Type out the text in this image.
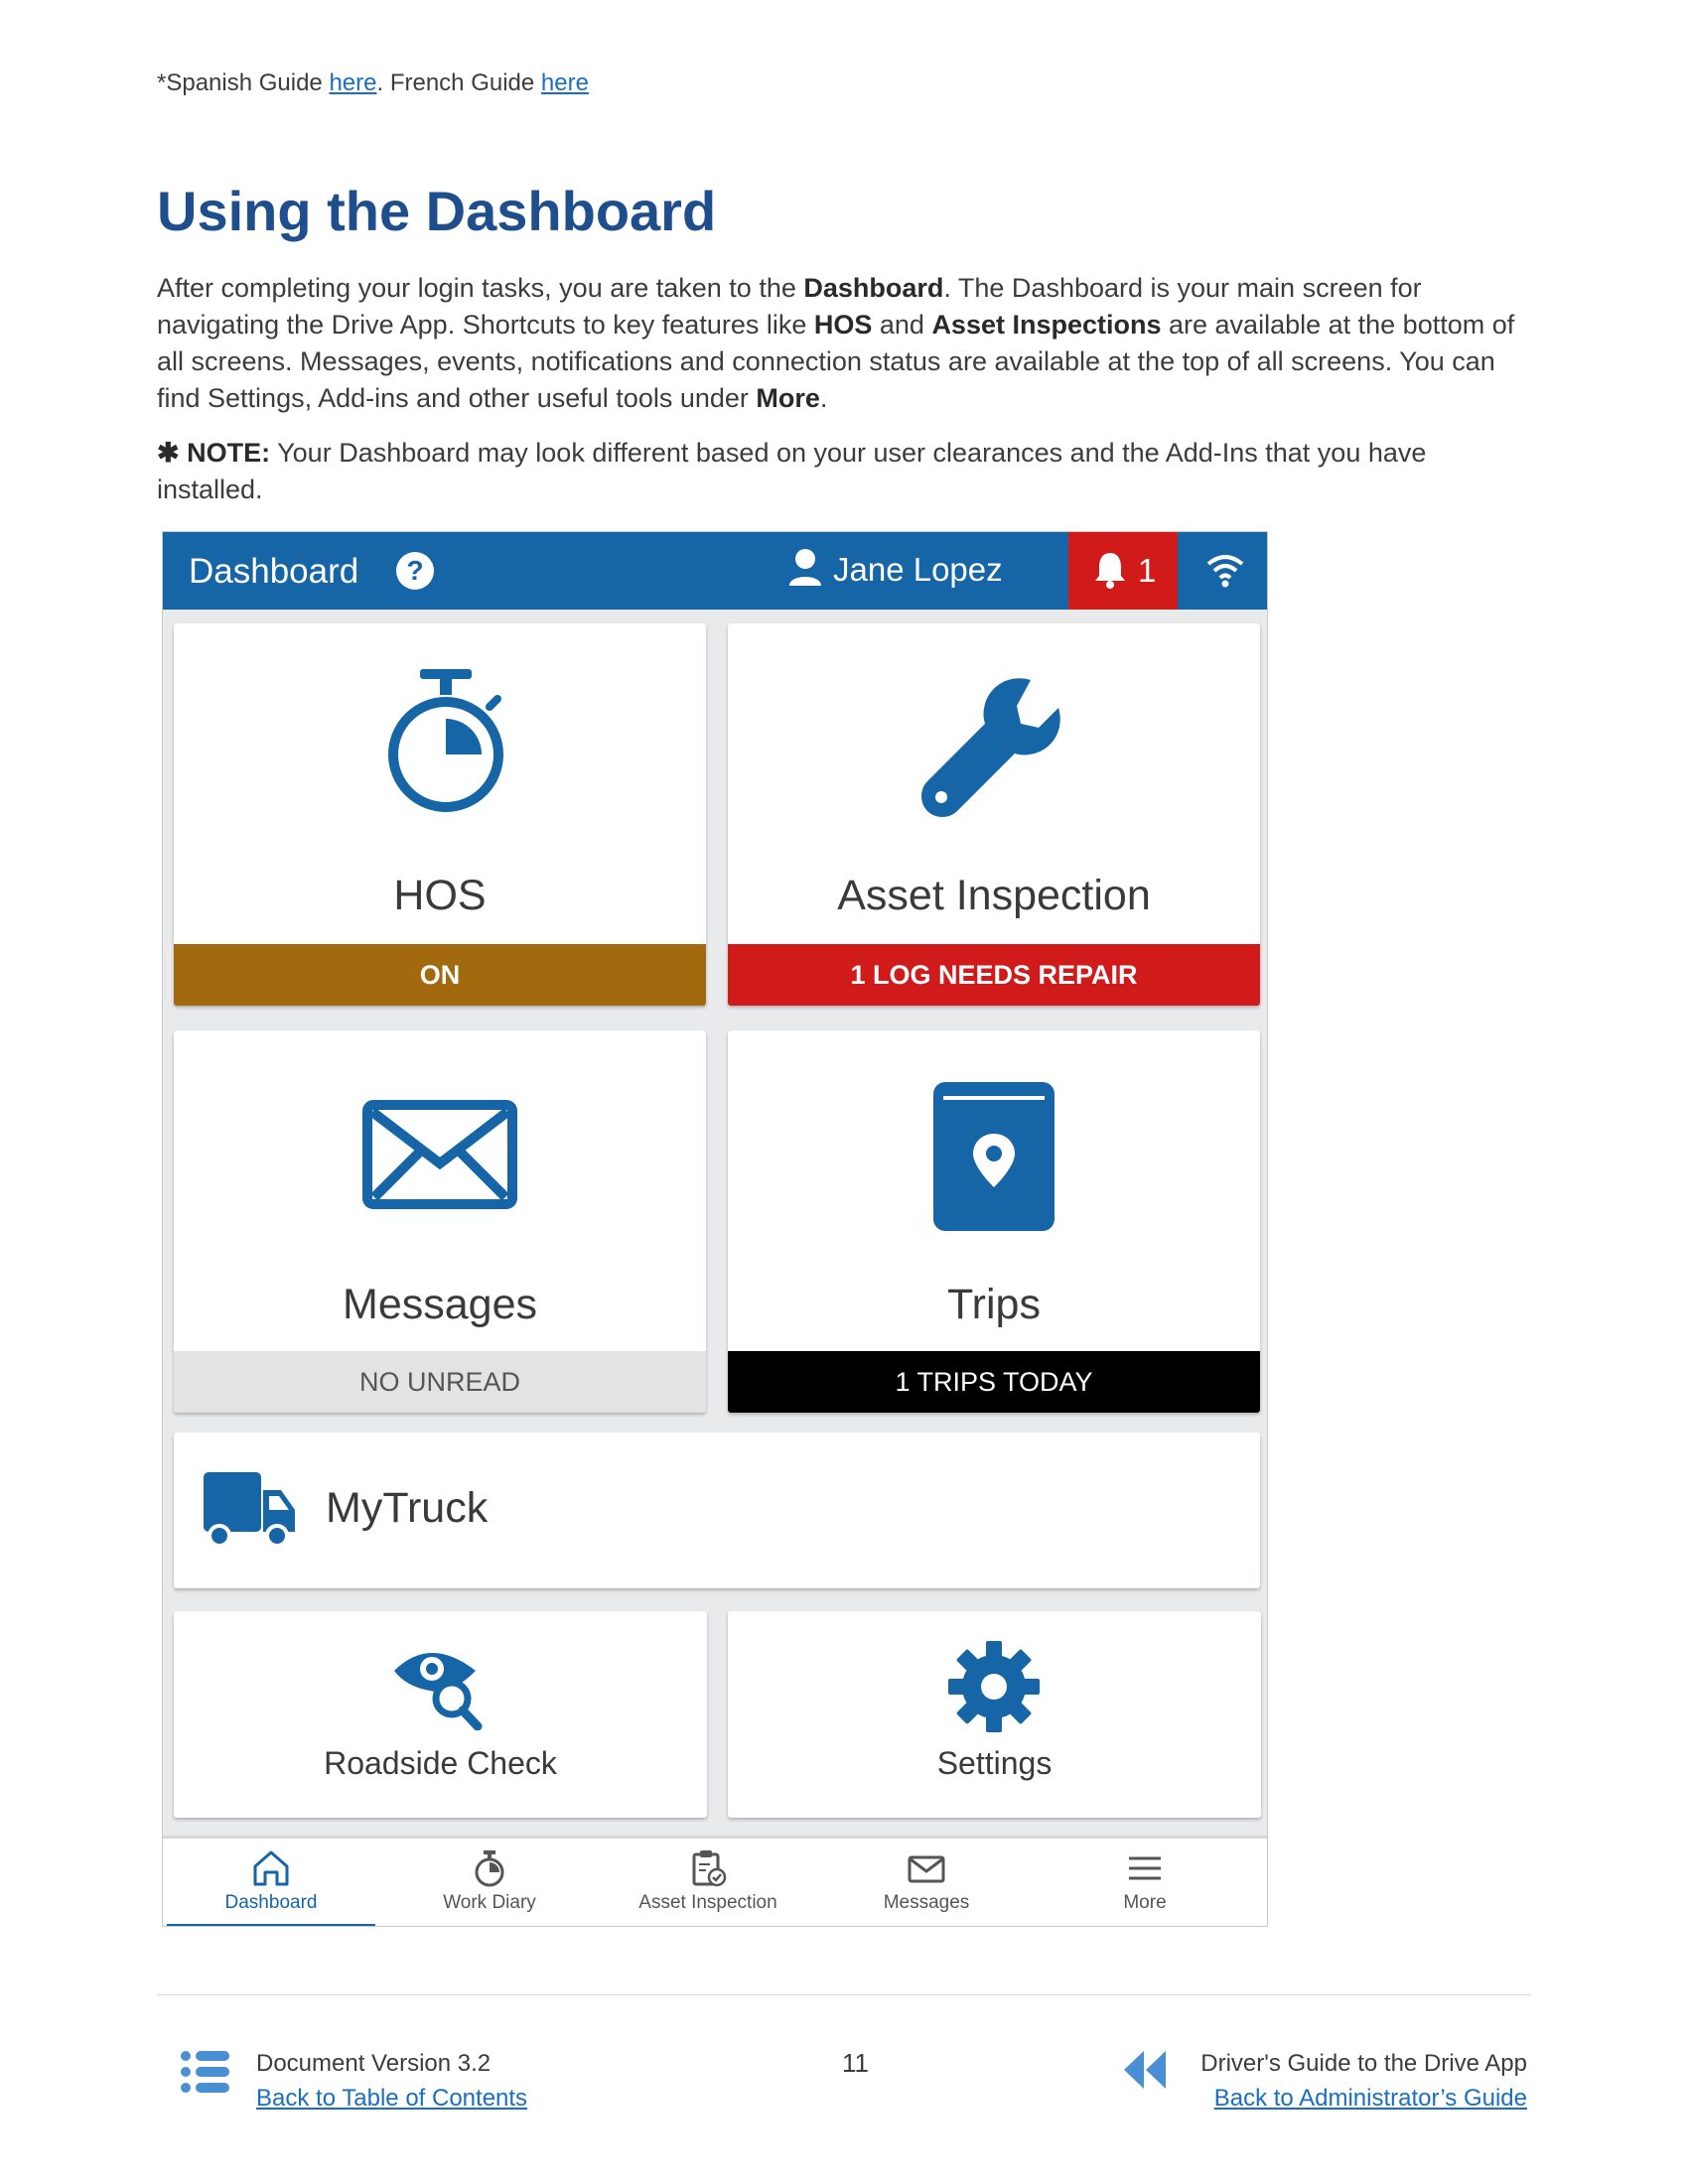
*Spanish Guide here. French Guide here
Using the Dashboard

After completing your login tasks, you are taken to the Dashboard. The Dashboard is your main screen for navigating the Drive App. Shortcuts to key features like HOS and Asset Inspections are available at the bottom of all screens. Messages, events, notifications and connection status are available at the top of all screens. You can find Settings, Add-ins and other useful tools under More.

✱ NOTE: Your Dashboard may look different based on your user clearances and the Add-Ins that you have installed.

Dashboard	?	Jane Lopez	1
HOS
ON
Asset Inspection
1 LOG NEEDS REPAIR
Messages
NO UNREAD
Trips
1 TRIPS TODAY
MyTruck
Roadside Check	Settings
Dashboard	Work Diary	Asset Inspection	Messages	More
Document Version 3.2
Back to Table of Contents
11	Driver's Guide to the Drive App
Back to Administrator’s Guide
